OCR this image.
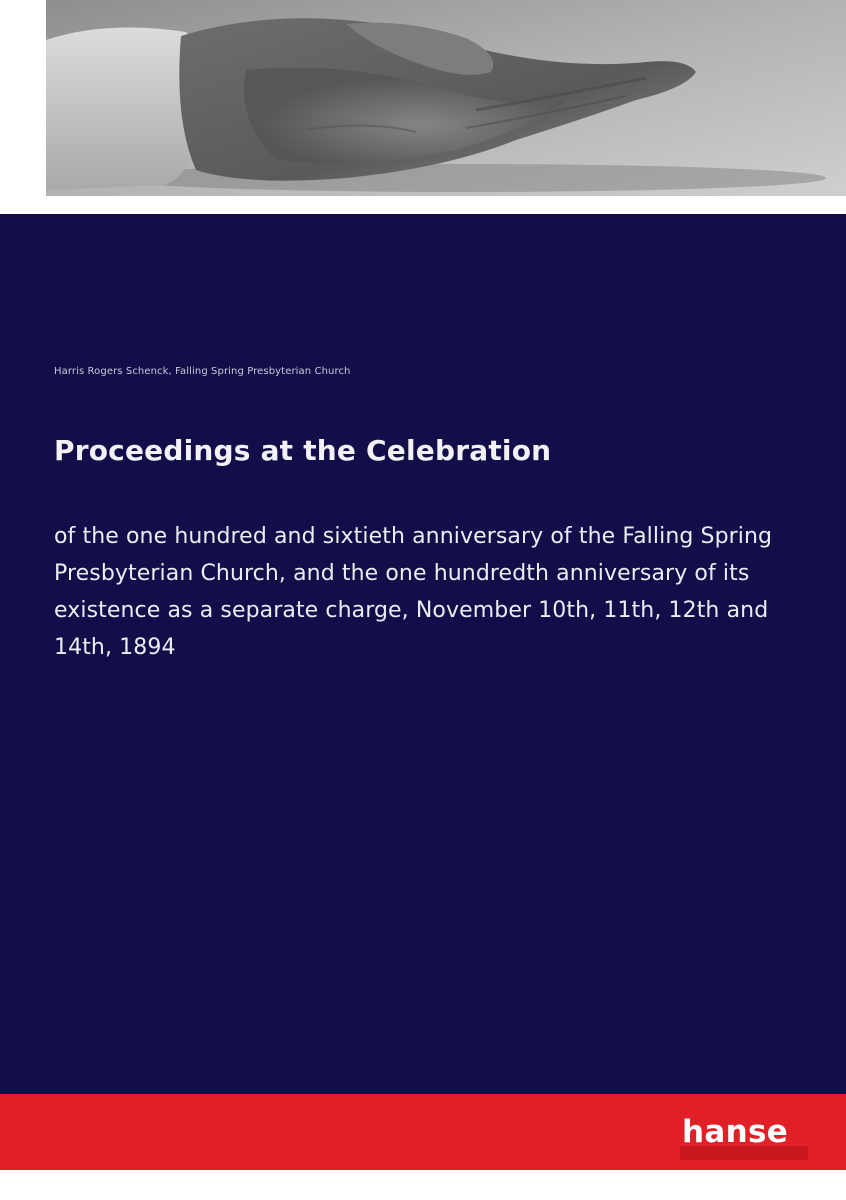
Harris Rogers Schenck, Falling Spring Presbyterian Church
Proceedings at the Celebration
of the one hundred and sixtieth anniversary of the Falling Spring Presbyterian Church, and the one hundredth anniversary of its existence as a separate charge, November 10th, 11th, 12th and 14th, 1894
hanse
